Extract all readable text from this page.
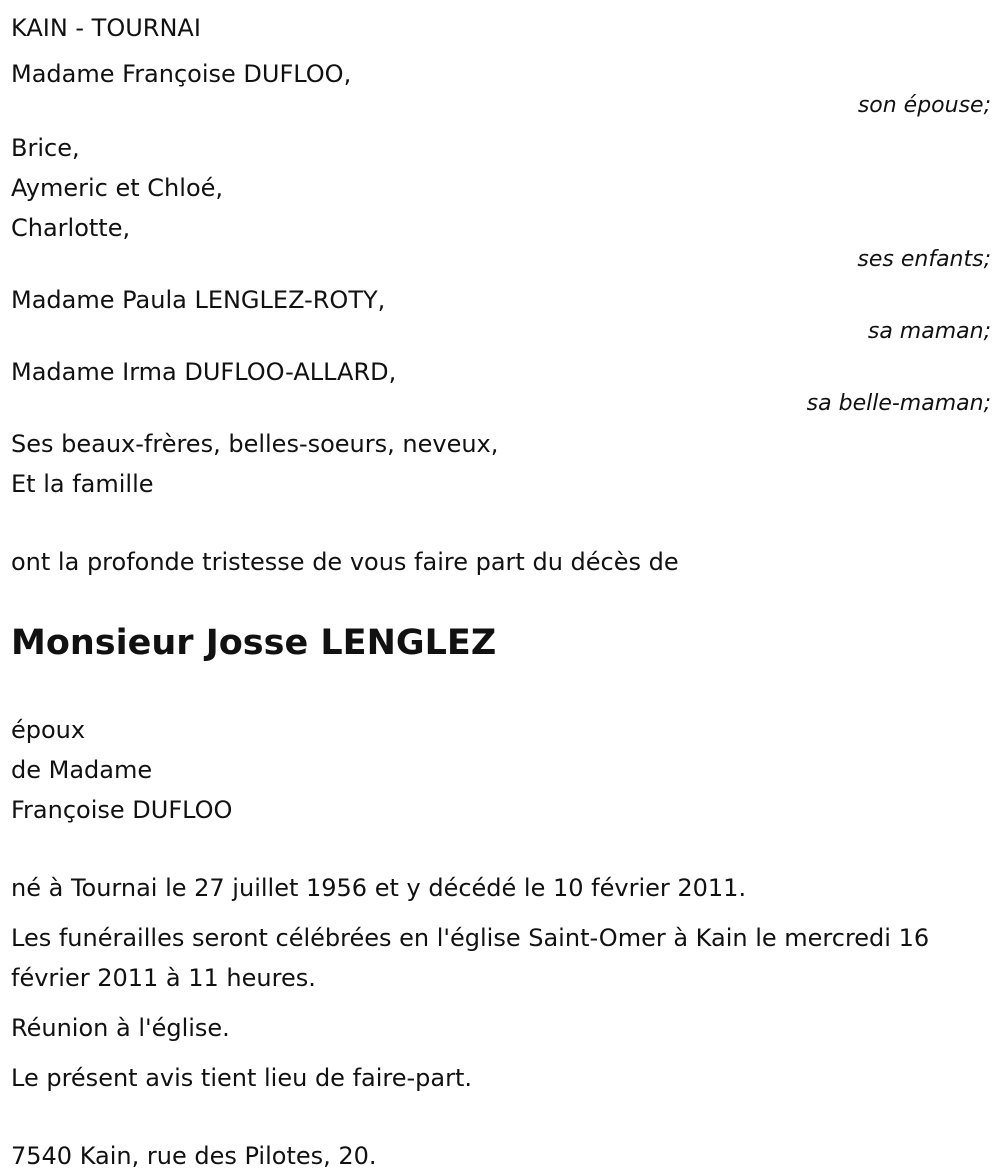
KAIN - TOURNAI
Madame Françoise DUFLOO,
son épouse;
Brice,
Aymeric et Chloé,
Charlotte,
ses enfants;
Madame Paula LENGLEZ-ROTY,
sa maman;
Madame Irma DUFLOO-ALLARD,
sa belle-maman;
Ses beaux-frères, belles-soeurs, neveux,
Et la famille
ont la profonde tristesse de vous faire part du décès de
Monsieur Josse LENGLEZ
époux
de Madame
Françoise DUFLOO
né à Tournai le 27 juillet 1956 et y décédé le 10 février 2011.
Les funérailles seront célébrées en l'église Saint-Omer à Kain le mercredi 16 février 2011 à 11 heures.
Réunion à l'église.
Le présent avis tient lieu de faire-part.
7540 Kain, rue des Pilotes, 20.
